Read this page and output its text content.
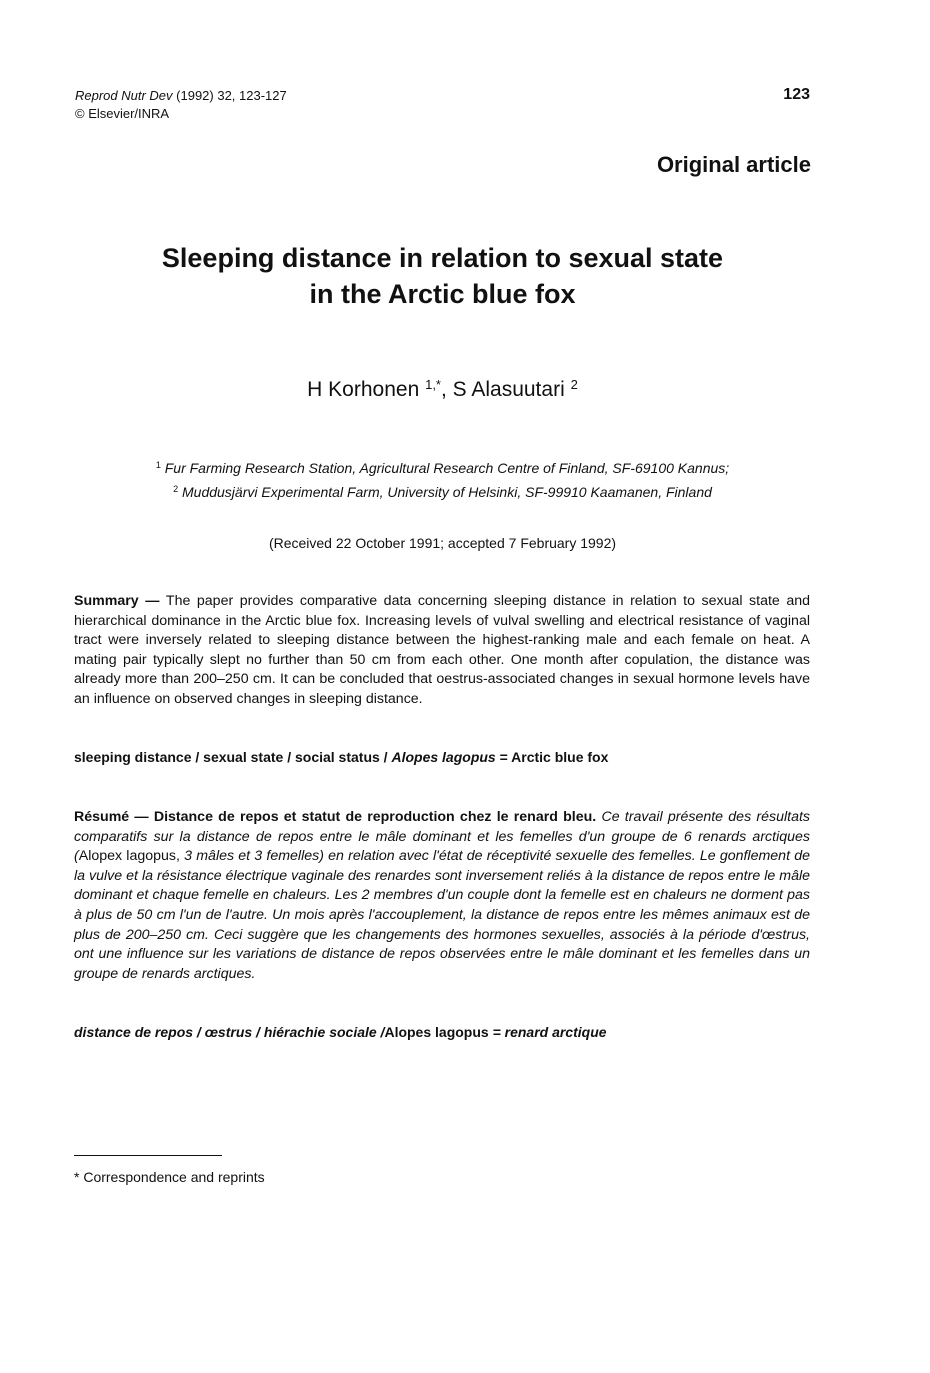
Reprod Nutr Dev (1992) 32, 123-127
© Elsevier/INRA
123
Original article
Sleeping distance in relation to sexual state
in the Arctic blue fox
H Korhonen $^{1,*}$, S Alasuutari $^2$
$^1$ Fur Farming Research Station, Agricultural Research Centre of Finland, SF-69100 Kannus;
$^2$ Muddusjärvi Experimental Farm, University of Helsinki, SF-99910 Kaamanen, Finland
(Received 22 October 1991; accepted 7 February 1992)
Summary — The paper provides comparative data concerning sleeping distance in relation to sexual state and hierarchical dominance in the Arctic blue fox. Increasing levels of vulval swelling and electrical resistance of vaginal tract were inversely related to sleeping distance between the highest-ranking male and each female on heat. A mating pair typically slept no further than 50 cm from each other. One month after copulation, the distance was already more than 200–250 cm. It can be concluded that oestrus-associated changes in sexual hormone levels have an influence on observed changes in sleeping distance.
sleeping distance / sexual state / social status / Alopes lagopus = Arctic blue fox
Résumé — Distance de repos et statut de reproduction chez le renard bleu. Ce travail présente des résultats comparatifs sur la distance de repos entre le mâle dominant et les femelles d'un groupe de 6 renards arctiques (Alopex lagopus, 3 mâles et 3 femelles) en relation avec l'état de réceptivité sexuelle des femelles. Le gonflement de la vulve et la résistance électrique vaginale des renardes sont inversement reliés à la distance de repos entre le mâle dominant et chaque femelle en chaleurs. Les 2 membres d'un couple dont la femelle est en chaleurs ne dorment pas à plus de 50 cm l'un de l'autre. Un mois après l'accouplement, la distance de repos entre les mêmes animaux est de plus de 200–250 cm. Ceci suggère que les changements des hormones sexuelles, associés à la période d'œstrus, ont une influence sur les variations de distance de repos observées entre le mâle dominant et les femelles dans un groupe de renards arctiques.
distance de repos / œstrus / hiérachie sociale /Alopes lagopus = renard arctique
* Correspondence and reprints
